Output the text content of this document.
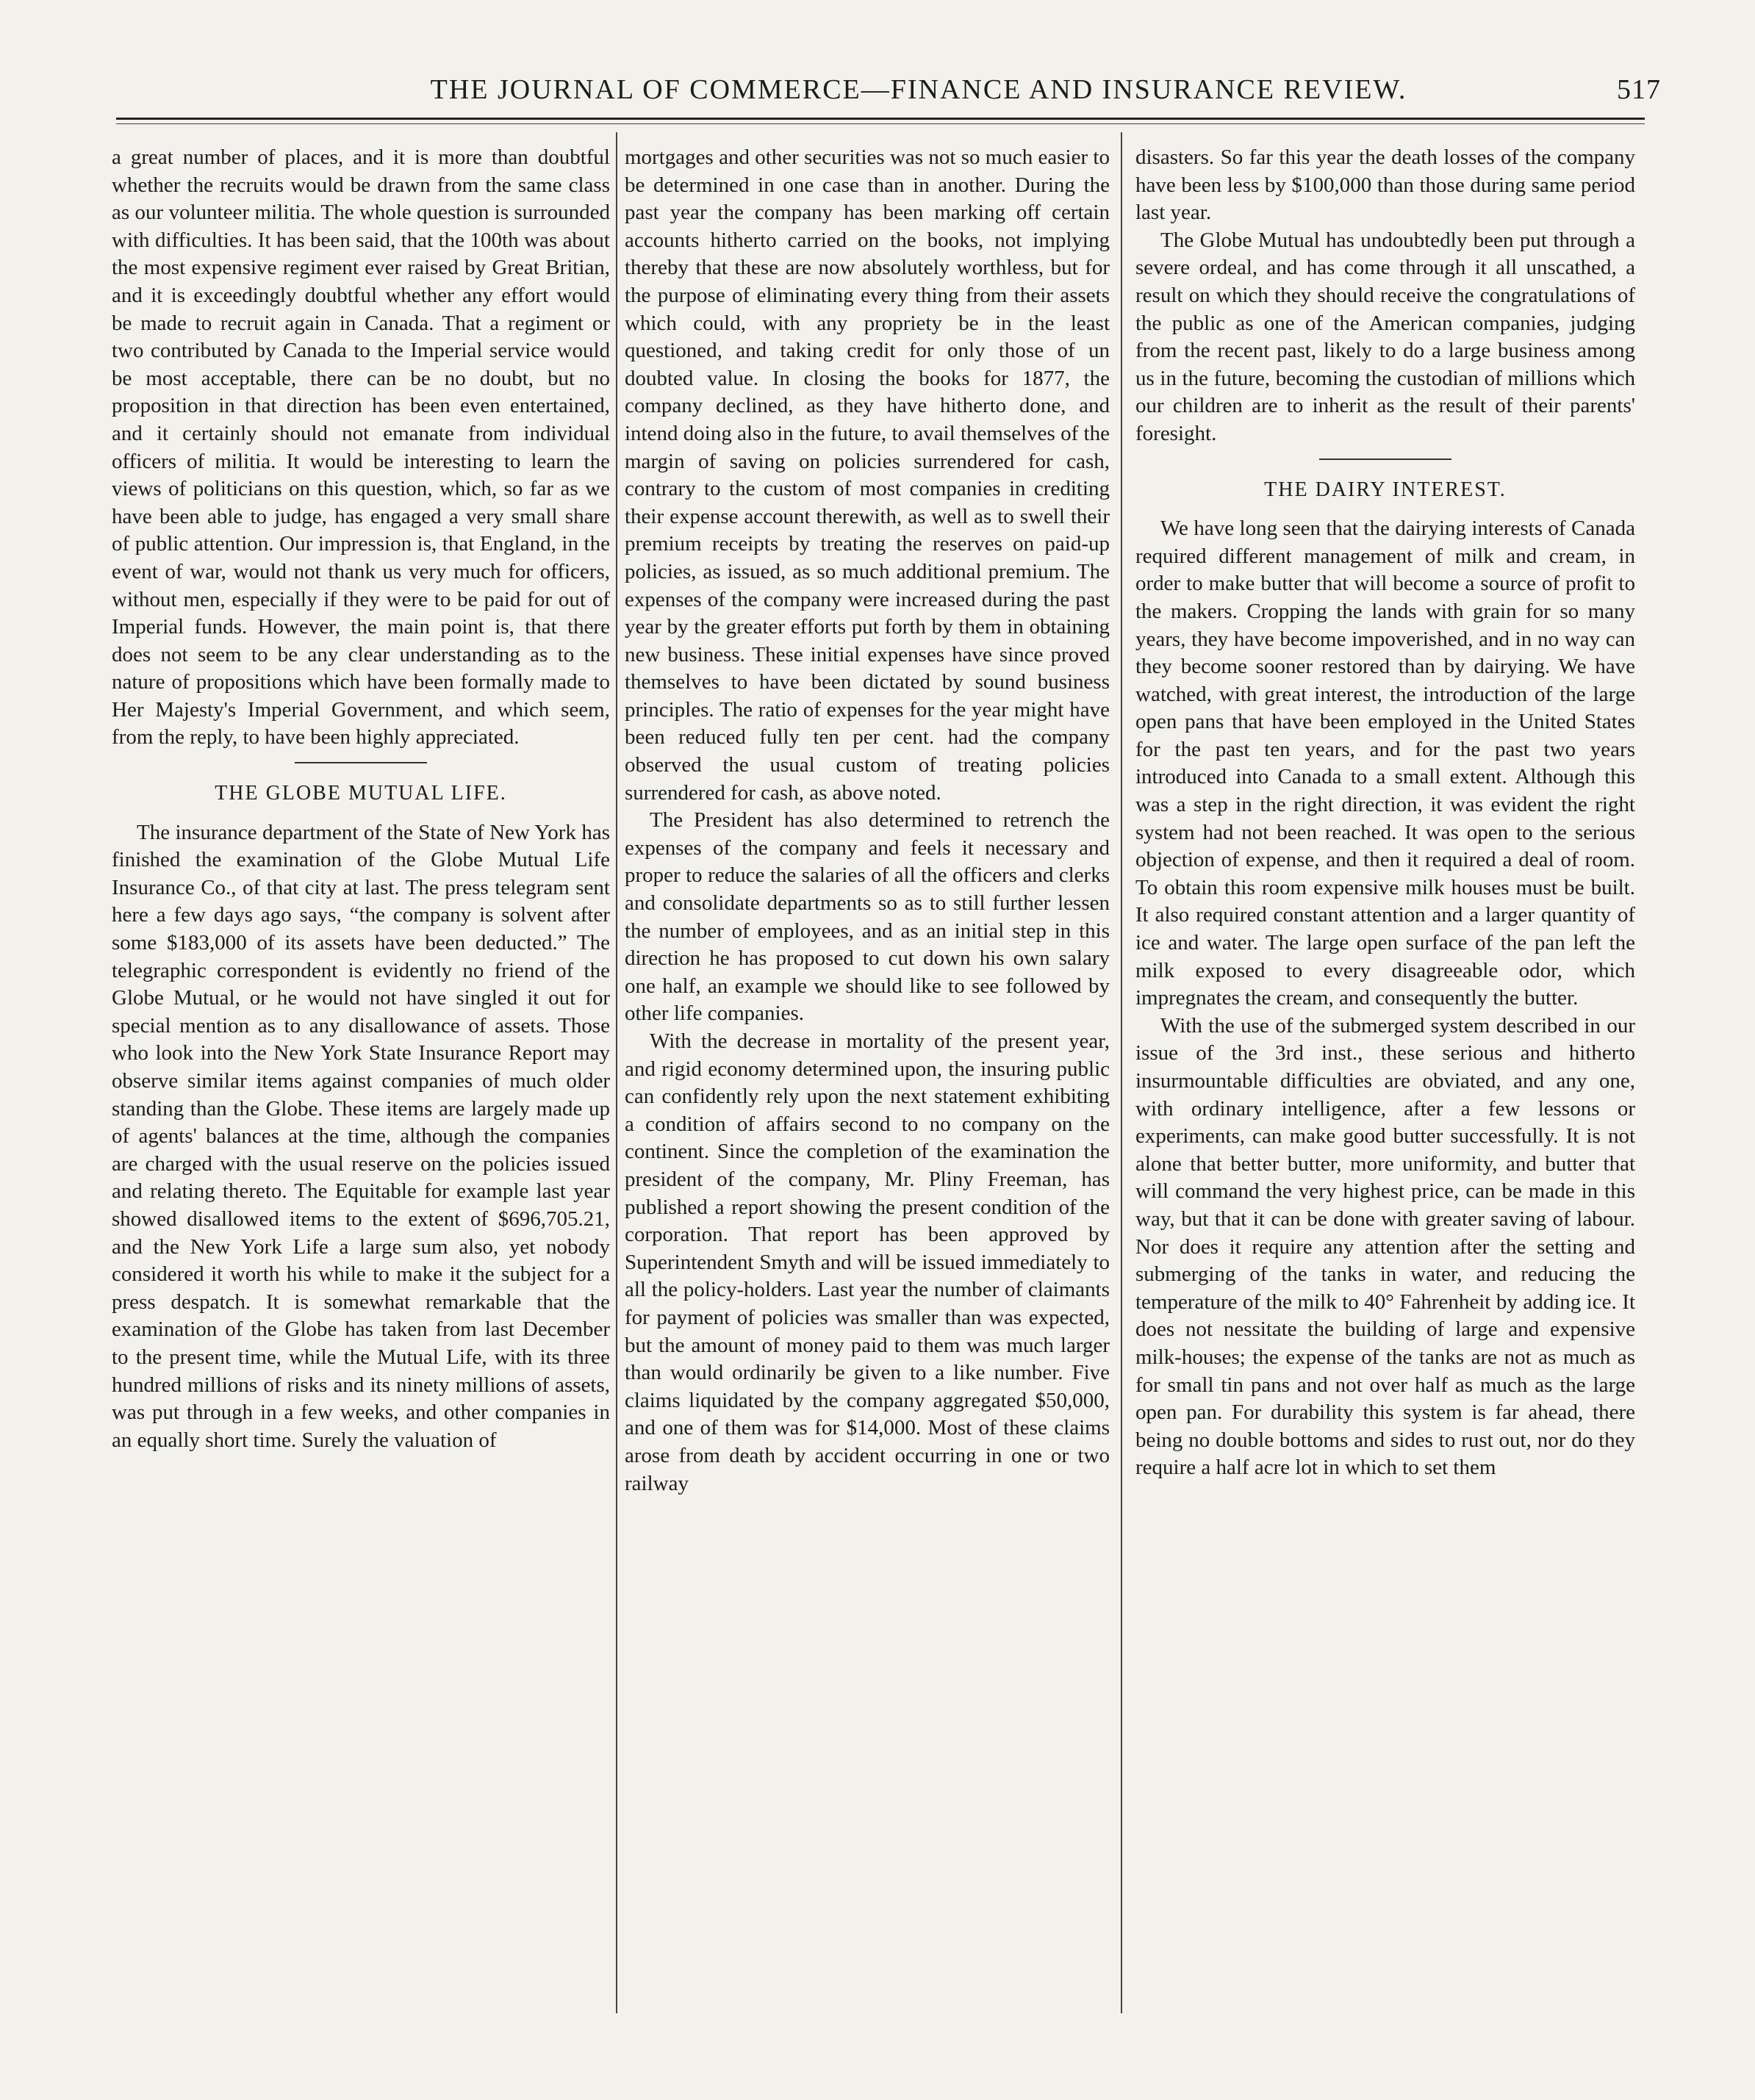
THE JOURNAL OF COMMERCE—FINANCE AND INSURANCE REVIEW.	517

a great number of places, and it is more than doubtful whether the recruits would be drawn from the same class as our volunteer militia. The whole question is surrounded with difficulties. It has been said, that the 100th was about the most expensive regiment ever raised by Great Britian, and it is exceedingly doubtful whether any effort would be made to recruit again in Canada. That a regiment or two contributed by Canada to the Imperial service would be most acceptable, there can be no doubt, but no proposition in that direction has been even entertained, and it certainly should not emanate from individual officers of militia. It would be interesting to learn the views of politicians on this question, which, so far as we have been able to judge, has engaged a very small share of public attention. Our impression is, that England, in the event of war, would not thank us very much for officers, without men, especially if they were to be paid for out of Imperial funds. However, the main point is, that there does not seem to be any clear understanding as to the nature of propositions which have been formally made to Her Majesty's Imperial Government, and which seem, from the reply, to have been highly appreciated.

THE GLOBE MUTUAL LIFE.

The insurance department of the State of New York has finished the examination of the Globe Mutual Life Insurance Co., of that city at last. The press telegram sent here a few days ago says, “the company is solvent after some $183,000 of its assets have been deducted.” The telegraphic correspondent is evidently no friend of the Globe Mutual, or he would not have singled it out for special mention as to any disallowance of assets. Those who look into the New York State Insurance Report may observe similar items against companies of much older standing than the Globe. These items are largely made up of agents' balances at the time, although the companies are charged with the usual reserve on the policies issued and relating thereto. The Equitable for example last year showed disallowed items to the extent of $696,705.21, and the New York Life a large sum also, yet nobody considered it worth his while to make it the subject for a press despatch. It is somewhat remarkable that the examination of the Globe has taken from last December to the present time, while the Mutual Life, with its three hundred millions of risks and its ninety millions of assets, was put through in a few weeks, and other companies in an equally short time. Surely the valuation of

mortgages and other securities was not so much easier to be determined in one case than in another. During the past year the company has been marking off certain accounts hitherto carried on the books, not implying thereby that these are now absolutely worthless, but for the purpose of eliminating every thing from their assets which could, with any propriety be in the least questioned, and taking credit for only those of un doubted value. In closing the books for 1877, the company declined, as they have hitherto done, and intend doing also in the future, to avail themselves of the margin of saving on policies surrendered for cash, contrary to the custom of most companies in crediting their expense account therewith, as well as to swell their premium receipts by treating the reserves on paid-up policies, as issued, as so much additional premium. The expenses of the company were increased during the past year by the greater efforts put forth by them in obtaining new business. These initial expenses have since proved themselves to have been dictated by sound business principles. The ratio of expenses for the year might have been reduced fully ten per cent. had the company observed the usual custom of treating policies surrendered for cash, as above noted.

The President has also determined to retrench the expenses of the company and feels it necessary and proper to reduce the salaries of all the officers and clerks and consolidate departments so as to still further lessen the number of employees, and as an initial step in this direction he has proposed to cut down his own salary one half, an example we should like to see followed by other life companies.

With the decrease in mortality of the present year, and rigid economy determined upon, the insuring public can confidently rely upon the next statement exhibiting a condition of affairs second to no company on the continent. Since the completion of the examination the president of the company, Mr. Pliny Freeman, has published a report showing the present condition of the corporation. That report has been approved by Superintendent Smyth and will be issued immediately to all the policy-holders. Last year the number of claimants for payment of policies was smaller than was expected, but the amount of money paid to them was much larger than would ordinarily be given to a like number. Five claims liquidated by the company aggregated $50,000, and one of them was for $14,000. Most of these claims arose from death by accident occurring in one or two railway

disasters. So far this year the death losses of the company have been less by $100,000 than those during same period last year.

The Globe Mutual has undoubtedly been put through a severe ordeal, and has come through it all unscathed, a result on which they should receive the congratulations of the public as one of the American companies, judging from the recent past, likely to do a large business among us in the future, becoming the custodian of millions which our children are to inherit as the result of their parents' foresight.

THE DAIRY INTEREST.

We have long seen that the dairying interests of Canada required different management of milk and cream, in order to make butter that will become a source of profit to the makers. Cropping the lands with grain for so many years, they have become impoverished, and in no way can they become sooner restored than by dairying. We have watched, with great interest, the introduction of the large open pans that have been employed in the United States for the past ten years, and for the past two years introduced into Canada to a small extent. Although this was a step in the right direction, it was evident the right system had not been reached. It was open to the serious objection of expense, and then it required a deal of room. To obtain this room expensive milk houses must be built. It also required constant attention and a larger quantity of ice and water. The large open surface of the pan left the milk exposed to every disagreeable odor, which impregnates the cream, and consequently the butter.

With the use of the submerged system described in our issue of the 3rd inst., these serious and hitherto insurmountable difficulties are obviated, and any one, with ordinary intelligence, after a few lessons or experiments, can make good butter successfully. It is not alone that better butter, more uniformity, and butter that will command the very highest price, can be made in this way, but that it can be done with greater saving of labour. Nor does it require any attention after the setting and submerging of the tanks in water, and reducing the temperature of the milk to 40° Fahrenheit by adding ice. It does not nessitate the building of large and expensive milk-houses; the expense of the tanks are not as much as for small tin pans and not over half as much as the large open pan. For durability this system is far ahead, there being no double bottoms and sides to rust out, nor do they require a half acre lot in which to set them
